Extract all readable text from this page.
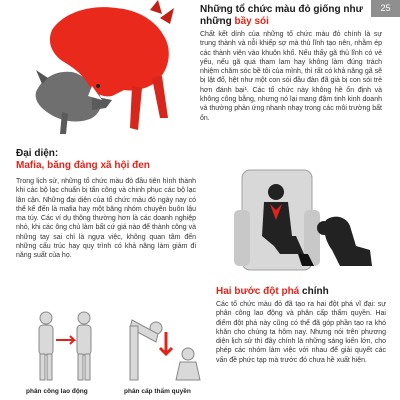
25
Những tổ chức màu đỏ giống như những bầy sói
Chất kết dính của những tổ chức màu đỏ chính là sự trung thành và nỗi khiếp sợ mà thủ lĩnh tạo nên, nhằm ép các thành viên vào khuôn khổ. Nếu thấy gã thủ lĩnh có vẻ yếu, nếu gã quá tham lam hay không làm đúng trách nhiệm chăm sóc bề tôi của mình, thì rất có khả năng gã sẽ bị lật đổ, hệt như một con sói đầu đàn đã già bị con sói trẻ hơn đánh bại¹. Các tổ chức này không hề ổn định và không công bằng, nhưng nó lại mang đậm tinh kinh doanh và thường phản ứng nhanh nhạy trong các môi trường bất ổn.
Đại diện:
Mafia, băng đảng xã hội đen
Trong lịch sử, những tổ chức màu đỏ đầu tiên hình thành khi các bộ lạc chuẩn bị tấn công và chinh phục các bộ lạc lân cận. Những đại diện của tổ chức màu đỏ ngày nay có thể kể đến là mafia hay một băng nhóm chuyên buôn lậu ma túy. Các ví dụ thông thường hơn là các doanh nghiệp nhỏ, khi các ông chủ làm bất cứ giá nào để thành công và những tay sai chỉ là ngựa việc, không quan tâm đến những cấu trúc hay quy trình có khả năng làm giảm đi năng suất của họ.
Hai bước đột phá chính
Các tổ chức màu đỏ đã tạo ra hai đột phá vĩ đại: sự phân công lao động và phân cấp thẩm quyền. Hai điểm đột phá này cũng có thể đã góp phần tạo ra khó khăn cho chúng ta hôm nay. Nhưng nói trên phương diện lịch sử thì đây chính là những sáng kiến lớn, cho phép các nhóm làm việc với nhau để giải quyết các vấn đề phức tạp mà trước đó chưa hề xuất hiện.
phân công lao động	phân cấp thẩm quyền
